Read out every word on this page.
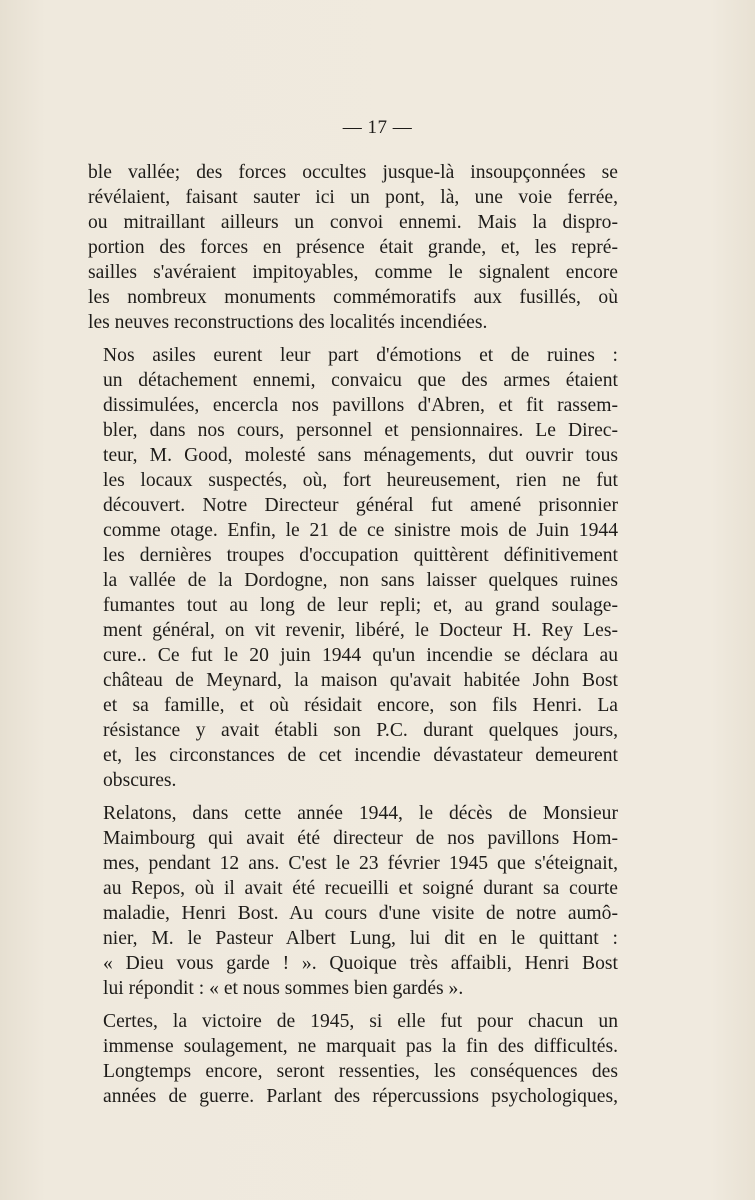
— 17 —
ble vallée; des forces occultes jusque-là insoupçonnées se
révélaient, faisant sauter ici un pont, là, une voie ferrée,
ou mitraillant ailleurs un convoi ennemi. Mais la dispro-
portion des forces en présence était grande, et, les repré-
sailles s'avéraient impitoyables, comme le signalent encore
les nombreux monuments commémoratifs aux fusillés, où
les neuves reconstructions des localités incendiées.
Nos asiles eurent leur part d'émotions et de ruines :
un détachement ennemi, convaicu que des armes étaient
dissimulées, encercla nos pavillons d'Abren, et fit rassem-
bler, dans nos cours, personnel et pensionnaires. Le Direc-
teur, M. Good, molesté sans ménagements, dut ouvrir tous
les locaux suspectés, où, fort heureusement, rien ne fut
découvert. Notre Directeur général fut amené prisonnier
comme otage. Enfin, le 21 de ce sinistre mois de Juin 1944
les dernières troupes d'occupation quittèrent définitivement
la vallée de la Dordogne, non sans laisser quelques ruines
fumantes tout au long de leur repli; et, au grand soulage-
ment général, on vit revenir, libéré, le Docteur H. Rey Les-
cure.. Ce fut le 20 juin 1944 qu'un incendie se déclara au
château de Meynard, la maison qu'avait habitée John Bost
et sa famille, et où résidait encore, son fils Henri. La
résistance y avait établi son P.C. durant quelques jours,
et, les circonstances de cet incendie dévastateur demeurent
obscures.
Relatons, dans cette année 1944, le décès de Monsieur
Maimbourg qui avait été directeur de nos pavillons Hom-
mes, pendant 12 ans. C'est le 23 février 1945 que s'éteignait,
au Repos, où il avait été recueilli et soigné durant sa courte
maladie, Henri Bost. Au cours d'une visite de notre aumô-
nier, M. le Pasteur Albert Lung, lui dit en le quittant :
« Dieu vous garde ! ». Quoique très affaibli, Henri Bost
lui répondit : « et nous sommes bien gardés ».
Certes, la victoire de 1945, si elle fut pour chacun un
immense soulagement, ne marquait pas la fin des difficultés.
Longtemps encore, seront ressenties, les conséquences des
années de guerre. Parlant des répercussions psychologiques,
